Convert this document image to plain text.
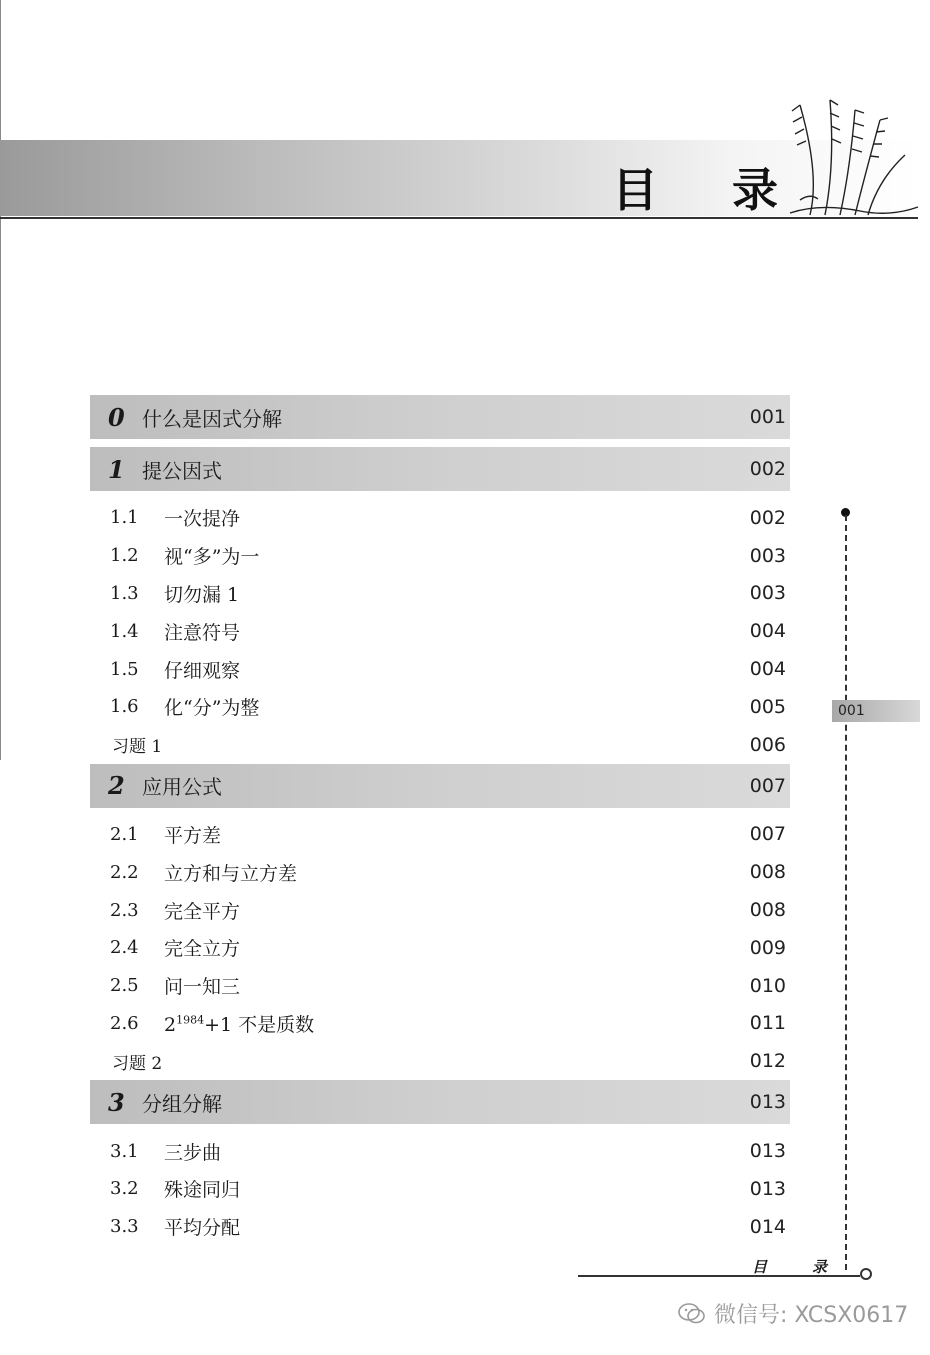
目 录
0 什么是因式分解	001
1 提公因式	002
1.1	一次提净	002
1.2	视“多”为一	003
1.3	切勿漏 1	003
1.4	注意符号	004
1.5	仔细观察	004
1.6	化“分”为整	005
习题 1	006
2 应用公式	007
2.1	平方差	007
2.2	立方和与立方差	008
2.3	完全平方	008
2.4	完全立方	009
2.5	问一知三	010
2.6	$2^{1984}+1$ 不是质数	011
习题 2	012
3 分组分解	013
3.1	三步曲	013
3.2	殊途同归	013
3.3	平均分配	014
001
目	录
微信号: XCSX0617
